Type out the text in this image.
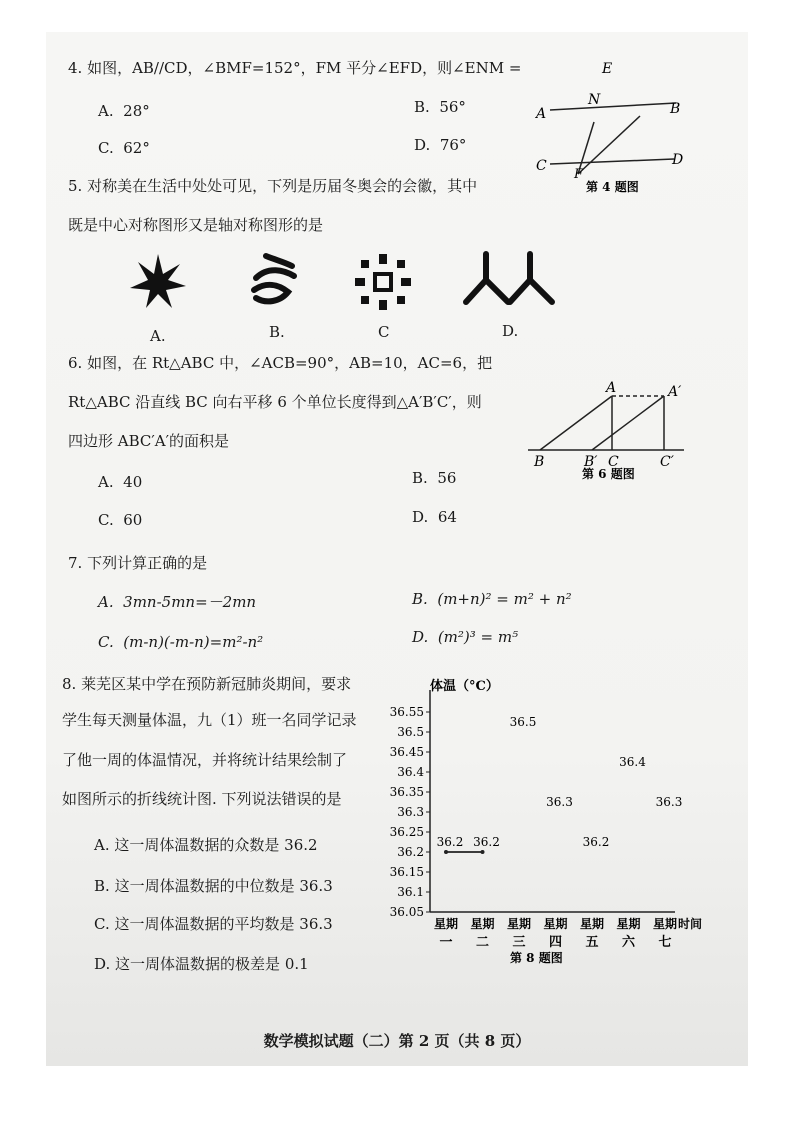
4. 如图，AB//CD，∠BMF=152°，FM 平分∠EFD，则∠ENM =
A. 28°	B. 56°
C. 62°	D. 76°
E
N
A	B
C	D
F
第 4 题图
5. 对称美在生活中处处可见，下列是历届冬奥会的会徽，其中
既是中心对称图形又是轴对称图形的是
A.	B.	C	D.
6. 如图，在 Rt△ABC 中，∠ACB=90°，AB=10，AC=6，把
Rt△ABC 沿直线 BC 向右平移 6 个单位长度得到△A′B′C′，则
四边形 ABC′A′的面积是
A	A′
B	B′ C	C′
第 6 题图
A. 40	B. 56
C. 60	D. 64
7. 下列计算正确的是
A. 3mn-5mn=－2mn	B. (m+n)² = m² + n²
C. (m-n)(-m-n)=m²-n²	D. (m²)³ = m⁵
8. 莱芜区某中学在预防新冠肺炎期间，要求
学生每天测量体温，九（1）班一名同学记录
了他一周的体温情况，并将统计结果绘制了
如图所示的折线统计图. 下列说法错误的是
A. 这一周体温数据的众数是 36.2
B. 这一周体温数据的中位数是 36.3
C. 这一周体温数据的平均数是 36.3
D. 这一周体温数据的极差是 0.1
体温（°C）
时间
36.55
36.5
36.45
36.4
36.35
36.3
36.25
36.2
36.15
36.1
36.05
星期
一
星期
二
星期
三
星期
四
星期
五
星期
六
星期
七
36.2 36.2
36.5
36.3
36.2
36.4
36.3
第 8 题图
数学模拟试题（二）第 2 页（共 8 页）
